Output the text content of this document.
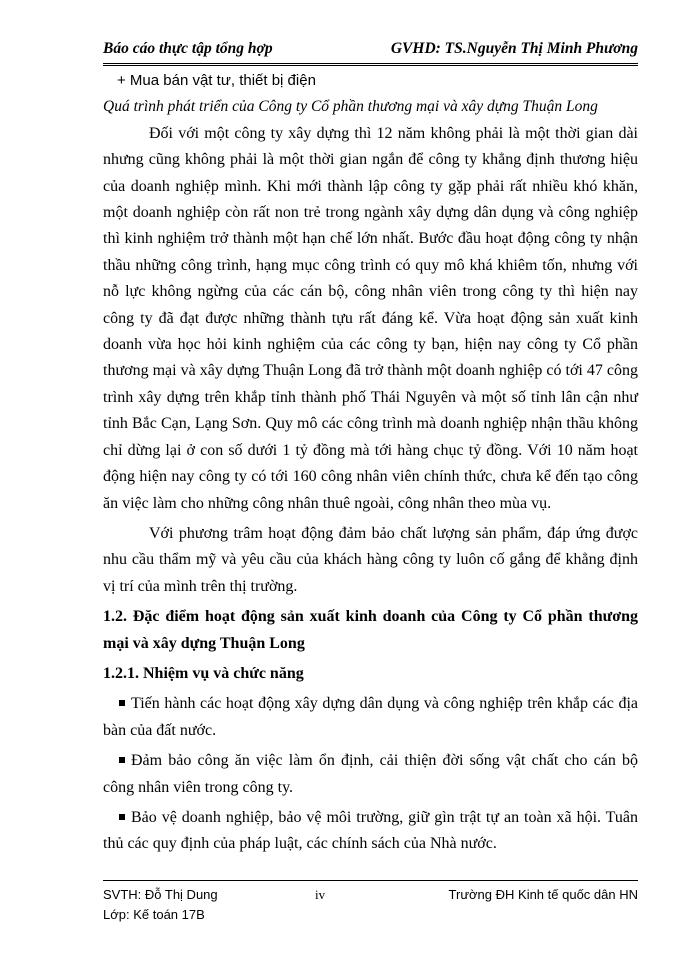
Báo cáo thực tập tổng hợp	GVHD: TS.Nguyễn Thị Minh Phương

+ Mua bán vật tư, thiết bị điện

Quá trình phát triển của Công ty Cổ phần thương mại và xây dựng Thuận Long

Đối với một công ty xây dựng thì 12 năm không phải là một thời gian dài nhưng cũng không phải là một thời gian ngắn để công ty khẳng định thương hiệu của doanh nghiệp mình. Khi mới thành lập công ty gặp phải rất nhiều khó khăn, một doanh nghiệp còn rất non trẻ trong ngành xây dựng dân dụng và công nghiệp thì kinh nghiệm trở thành một hạn chế lớn nhất. Bước đầu hoạt động công ty nhận thầu những công trình, hạng mục công trình có quy mô khá khiêm tốn, nhưng với nỗ lực không ngừng của các cán bộ, công nhân viên trong công ty thì hiện nay công ty đã đạt được những thành tựu rất đáng kể. Vừa hoạt động sản xuất kinh doanh vừa học hỏi kinh nghiệm của các công ty bạn, hiện nay công ty Cổ phần thương mại và xây dựng Thuận Long đã trở thành một doanh nghiệp có tới 47 công trình xây dựng trên khắp tỉnh thành phố Thái Nguyên và một số tỉnh lân cận như tỉnh Bắc Cạn, Lạng Sơn. Quy mô các công trình mà doanh nghiệp nhận thầu không chỉ dừng lại ở con số dưới 1 tỷ đồng mà tới hàng chục tỷ đồng. Với 10 năm hoạt động hiện nay công ty có tới 160 công nhân viên chính thức, chưa kể đến tạo công ăn việc làm cho những công nhân thuê ngoài, công nhân theo mùa vụ.

Với phương trâm hoạt động đảm bảo chất lượng sản phẩm, đáp ứng được nhu cầu thẩm mỹ và yêu cầu của khách hàng công ty luôn cố gắng để khẳng định vị trí của mình trên thị trường.

1.2. Đặc điểm hoạt động sản xuất kinh doanh của Công ty Cổ phần thương mại và xây dựng Thuận Long

1.2.1. Nhiệm vụ và chức năng

Tiến hành các hoạt động xây dựng dân dụng và công nghiệp trên khắp các địa bàn của đất nước.

Đảm bảo công ăn việc làm ổn định, cải thiện đời sống vật chất cho cán bộ công nhân viên trong công ty.

Bảo vệ doanh nghiệp, bảo vệ môi trường, giữ gìn trật tự an toàn xã hội. Tuân thủ các quy định của pháp luật, các chính sách của Nhà nước.

SVTH: Đỗ Thị Dung
Lớp: Kế toán 17B
iv	Trường ĐH Kinh tế quốc dân HN
